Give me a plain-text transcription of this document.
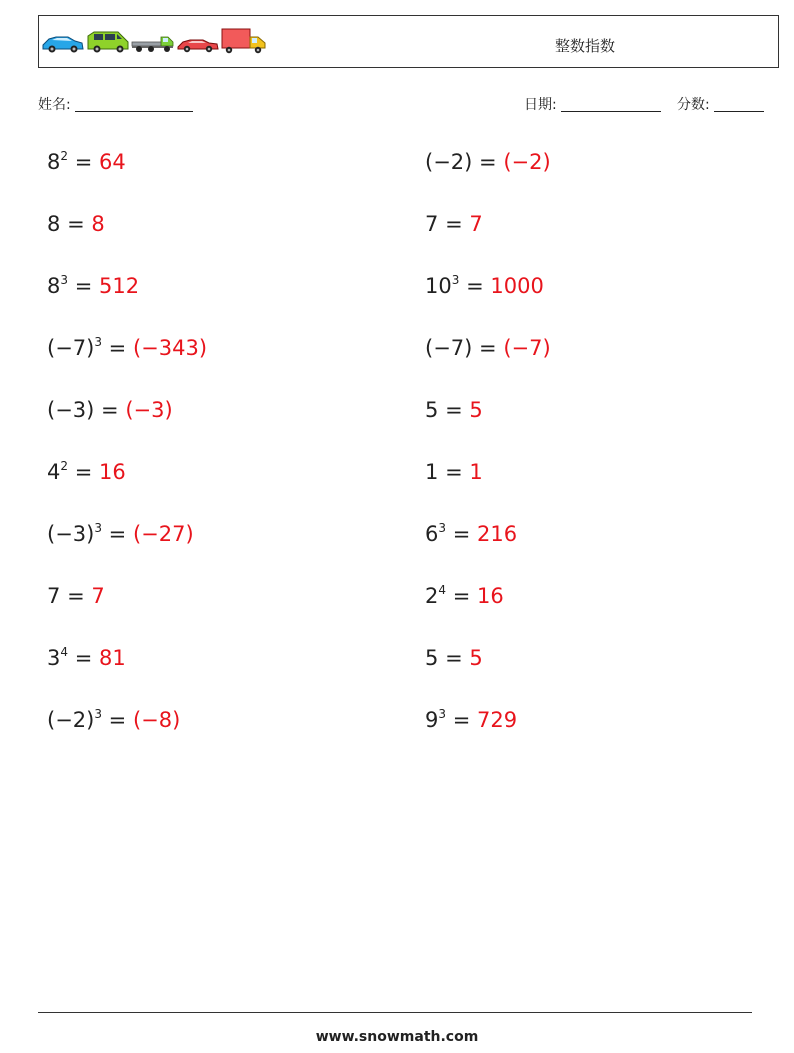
整数指数
姓名:	日期:	分数:
$8^2 = 64$	(−2) = (−2)
8 = 8	7 = 7
$8^3 = 512$	$10^3 = 1000$
$(-7)^3 = (-343)$	(−7) = (−7)
(−3) = (−3)	5 = 5
$4^2 = 16$	1 = 1
$(-3)^3 = (-27)$	$6^3 = 216$
7 = 7	$2^4 = 16$
$3^4 = 81$	5 = 5
$(-2)^3 = (-8)$	$9^3 = 729$
www.snowmath.com
